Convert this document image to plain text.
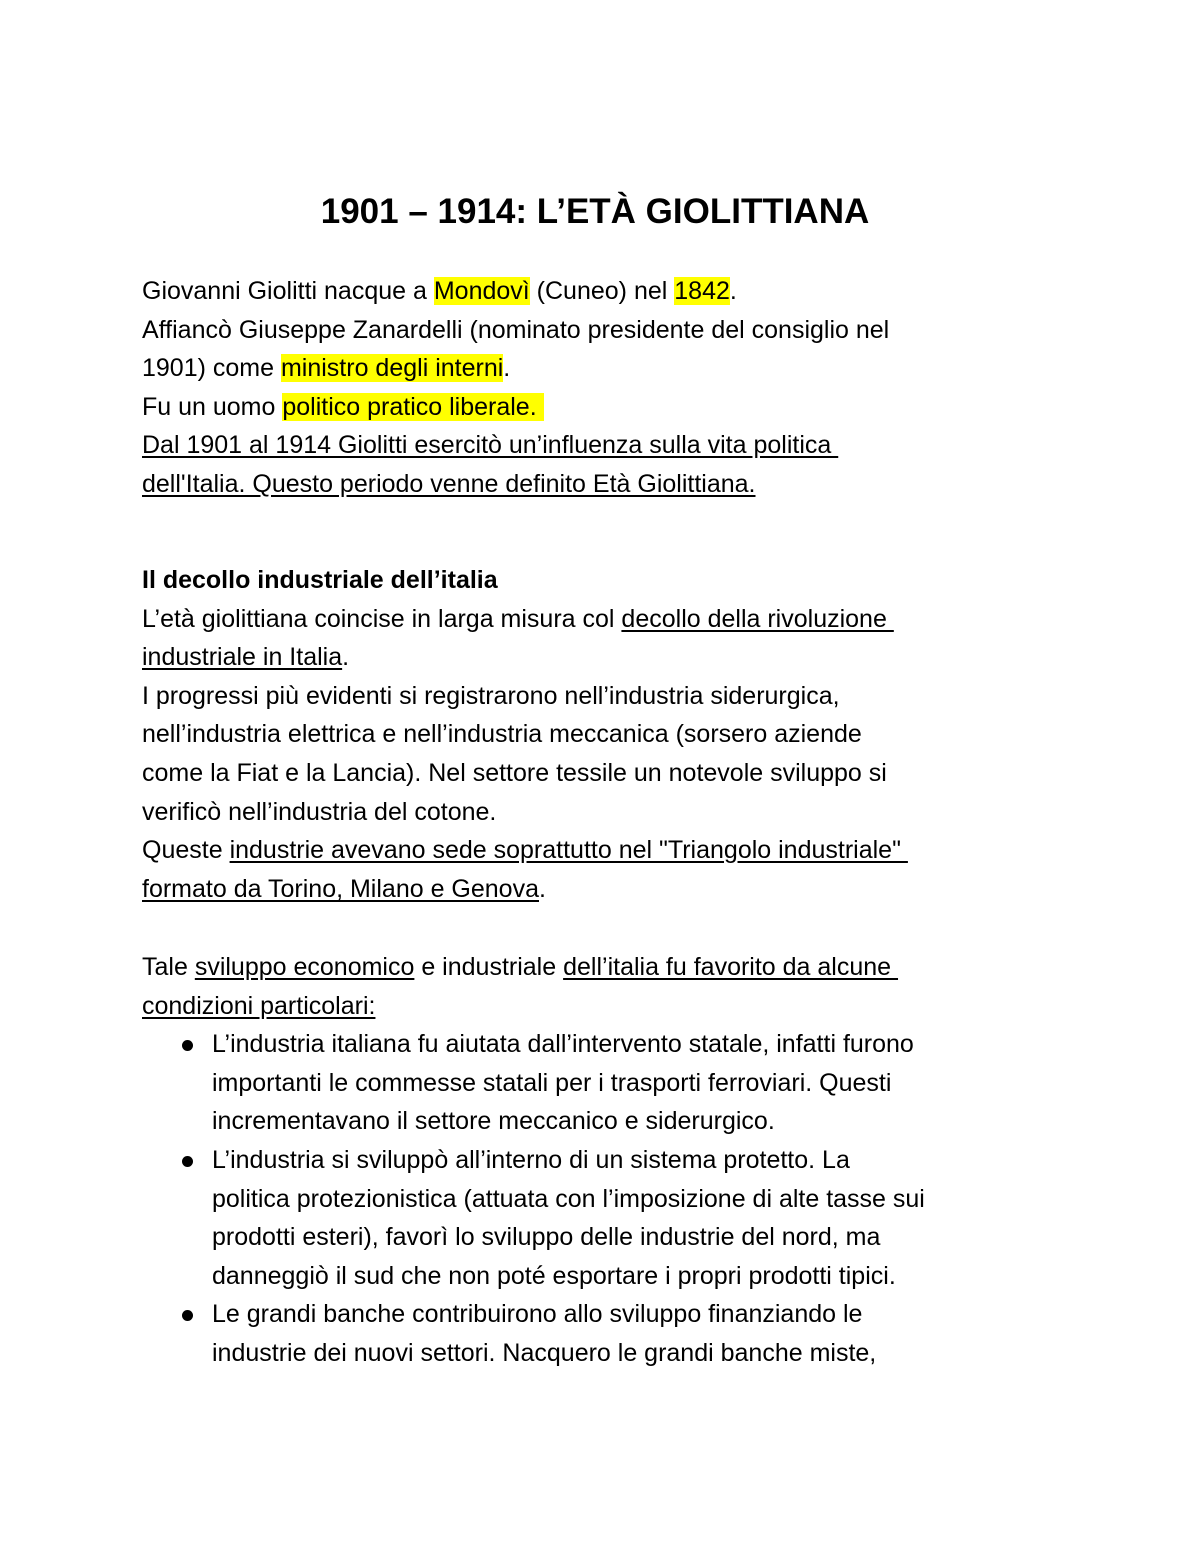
1901 – 1914: L’ETÀ GIOLITTIANA
Giovanni Giolitti nacque a Mondovì (Cuneo) nel 1842.
Affiancò Giuseppe Zanardelli (nominato presidente del consiglio nel
1901) come ministro degli interni.
Fu un uomo politico pratico liberale.
Dal 1901 al 1914 Giolitti esercitò un’influenza sulla vita politica
dell'Italia. Questo periodo venne definito Età Giolittiana.
Il decollo industriale dell’italia
L’età giolittiana coincise in larga misura col decollo della rivoluzione
industriale in Italia.
I progressi più evidenti si registrarono nell’industria siderurgica,
nell’industria elettrica e nell’industria meccanica (sorsero aziende
come la Fiat e la Lancia). Nel settore tessile un notevole sviluppo si
verificò nell’industria del cotone.
Queste industrie avevano sede soprattutto nel "Triangolo industriale"
formato da Torino, Milano e Genova.
Tale sviluppo economico e industriale dell’italia fu favorito da alcune
condizioni particolari:
L’industria italiana fu aiutata dall’intervento statale, infatti furono
importanti le commesse statali per i trasporti ferroviari. Questi
incrementavano il settore meccanico e siderurgico.
L’industria si sviluppò all’interno di un sistema protetto. La
politica protezionistica (attuata con l’imposizione di alte tasse sui
prodotti esteri), favorì lo sviluppo delle industrie del nord, ma
danneggiò il sud che non poté esportare i propri prodotti tipici.
Le grandi banche contribuirono allo sviluppo finanziando le
industrie dei nuovi settori. Nacquero le grandi banche miste,
